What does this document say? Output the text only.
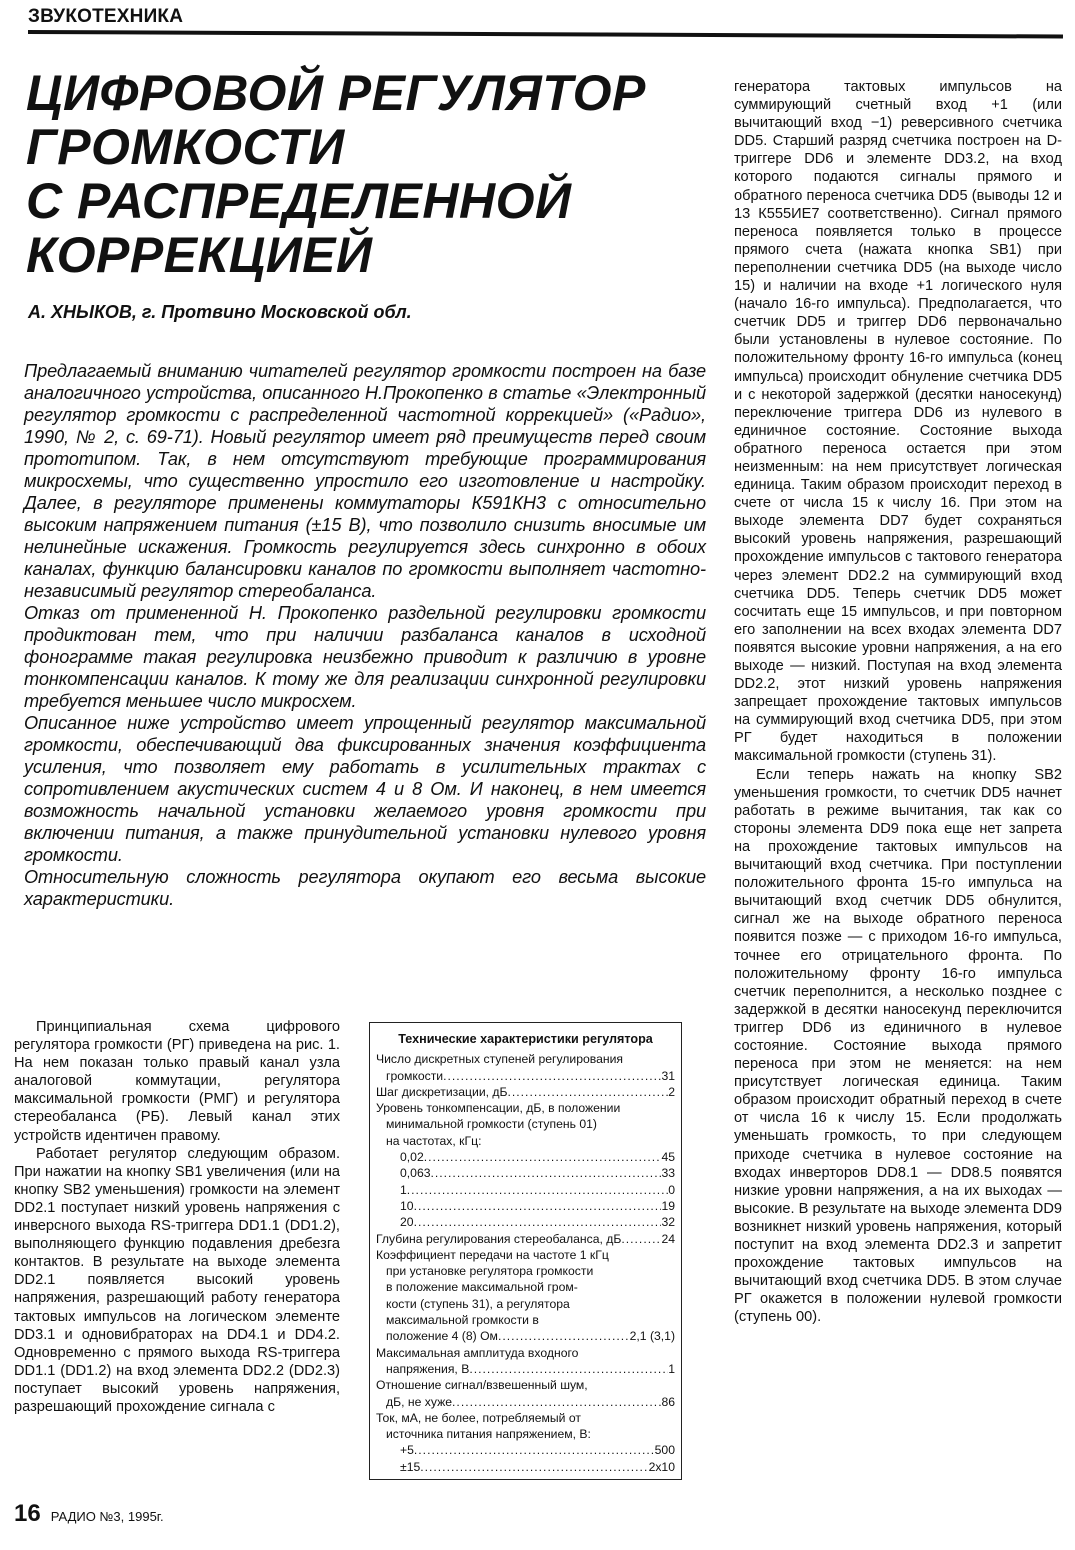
ЗВУКОТЕХНИКА
ЦИФРОВОЙ РЕГУЛЯТОР
ГРОМКОСТИ
С РАСПРЕДЕЛЕННОЙ
КОРРЕКЦИЕЙ
А. ХНЫКОВ, г. Протвино Московской обл.

Предлагаемый вниманию читателей регулятор громкости построен на базе аналогичного устройства, описанного Н.Прокопенко в статье «Электронный регулятор громкости с распределенной частотной коррекцией» («Радио», 1990, № 2, с. 69-71). Новый регулятор имеет ряд преимуществ перед своим прототипом. Так, в нем отсутствуют требующие программирования микросхемы, что существенно упростило его изготовление и настройку. Далее, в регуляторе применены коммутаторы К591КН3 с относительно высоким напряжением питания (±15 В), что позволило снизить вносимые им нелинейные искажения. Громкость регулируется здесь синхронно в обоих каналах, функцию балансировки каналов по громкости выполняет частотно-независимый регулятор стереобаланса.

Отказ от примененной Н. Прокопенко раздельной регулировки громкости продиктован тем, что при наличии разбаланса каналов в исходной фонограмме такая регулировка неизбежно приводит к различию в уровне тонкомпенсации каналов. К тому же для реализации синхронной регулировки требуется меньшее число микросхем.

Описанное ниже устройство имеет упрощенный регулятор максимальной громкости, обеспечивающий два фиксированных значения коэффициента усиления, что позволяет ему работать в усилительных трактах с сопротивлением акустических систем 4 и 8 Ом. И наконец, в нем имеется возможность начальной установки желаемого уровня громкости при включении питания, а также принудительной установки нулевого уровня громкости.

Относительную сложность регулятора окупают его весьма высокие характеристики.

Принципиальная схема цифрового регулятора громкости (РГ) приведена на рис. 1. На нем показан только правый канал узла аналоговой коммутации, регулятора максимальной громкости (РМГ) и регулятора стереобаланса (РБ). Левый канал этих устройств идентичен правому.

Работает регулятор следующим образом. При нажатии на кнопку SB1 увеличения (или на кнопку SB2 уменьшения) громкости на элемент DD2.1 поступает низкий уровень напряжения с инверсного выхода RS-триггера DD1.1 (DD1.2), выполняющего функцию подавления дребезга контактов. В результате на выходе элемента DD2.1 появляется высокий уровень напряжения, разрешающий работу генератора тактовых импульсов на логическом элементе DD3.1 и одновибраторах на DD4.1 и DD4.2. Одновременно с прямого выхода RS-триггера DD1.1 (DD1.2) на вход элемента DD2.2 (DD2.3) поступает высокий уровень напряжения, разрешающий прохождение сигнала с

Технические характеристики регулятора
Число дискретных ступеней регулирования
громкости .....	31
Шаг дискретизации, дБ .....	2
Уровень тонкомпенсации, дБ, в положении
минимальной громкости (ступень 01)
на частотах, кГц:
0,02 .....	45
0,063 .....	33
1 .....	0
10 .....	19
20 .....	32
Глубина регулирования стереобаланса, дБ .....	24
Коэффициент передачи на частоте 1 кГц
при установке регулятора громкости
в положение максимальной гром-
кости (ступень 31), а регулятора
максимальной громкости в
положение 4 (8) Ом .....	2,1 (3,1)
Максимальная амплитуда входного
напряжения, В .....	1
Отношение сигнал/взвешенный шум,
дБ, не хуже .....	86
Ток, мА, не более, потребляемый от
источника питания напряжением, В:
+5 .....	500
±15 .....	2x10

генератора тактовых импульсов на суммирующий счетный вход +1 (или вычитающий вход −1) реверсивного счетчика DD5. Старший разряд счетчика построен на D-триггере DD6 и элементе DD3.2, на вход которого подаются сигналы прямого и обратного переноса счетчика DD5 (выводы 12 и 13 К555ИЕ7 соответственно). Сигнал прямого переноса появляется только в процессе прямого счета (нажата кнопка SB1) при переполнении счетчика DD5 (на выходе число 15) и наличии на входе +1 логического нуля (начало 16-го импульса). Предполагается, что счетчик DD5 и триггер DD6 первоначально были установлены в нулевое состояние. По положительному фронту 16-го импульса (конец импульса) происходит обнуление счетчика DD5 и с некоторой задержкой (десятки наносекунд) переключение триггера DD6 из нулевого в единичное состояние. Состояние выхода обратного переноса остается при этом неизменным: на нем присутствует логическая единица. Таким образом происходит переход в счете от числа 15 к числу 16. При этом на выходе элемента DD7 будет сохраняться высокий уровень напряжения, разрешающий прохождение импульсов с тактового генератора через элемент DD2.2 на суммирующий вход счетчика DD5. Теперь счетчик DD5 может сосчитать еще 15 импульсов, и при повторном его заполнении на всех входах элемента DD7 появятся высокие уровни напряжения, а на его выходе — низкий. Поступая на вход элемента DD2.2, этот низкий уровень напряжения запрещает прохождение тактовых импульсов на суммирующий вход счетчика DD5, при этом РГ будет находиться в положении максимальной громкости (ступень 31).

Если теперь нажать на кнопку SB2 уменьшения громкости, то счетчик DD5 начнет работать в режиме вычитания, так как со стороны элемента DD9 пока еще нет запрета на прохождение тактовых импульсов на вычитающий вход счетчика. При поступлении положительного фронта 15-го импульса на вычитающий вход счетчик DD5 обнулится, сигнал же на выходе обратного переноса появится позже — с приходом 16-го импульса, точнее его отрицательного фронта. По положительному фронту 16-го импульса счетчик переполнится, а несколько позднее с задержкой в десятки наносекунд переключится триггер DD6 из единичного в нулевое состояние. Состояние выхода прямого переноса при этом не меняется: на нем присутствует логическая единица. Таким образом происходит обратный переход в счете от числа 16 к числу 15. Если продолжать уменьшать громкость, то при следующем приходе счетчика в нулевое состояние на входах инверторов DD8.1 — DD8.5 появятся низкие уровни напряжения, а на их выходах — высокие. В результате на выходе элемента DD9 возникнет низкий уровень напряжения, который поступит на вход элемента DD2.3 и запретит прохождение тактовых импульсов на вычитающий вход счетчика DD5. В этом случае РГ окажется в положении нулевой громкости (ступень 00).

16 РАДИО №3, 1995г.
